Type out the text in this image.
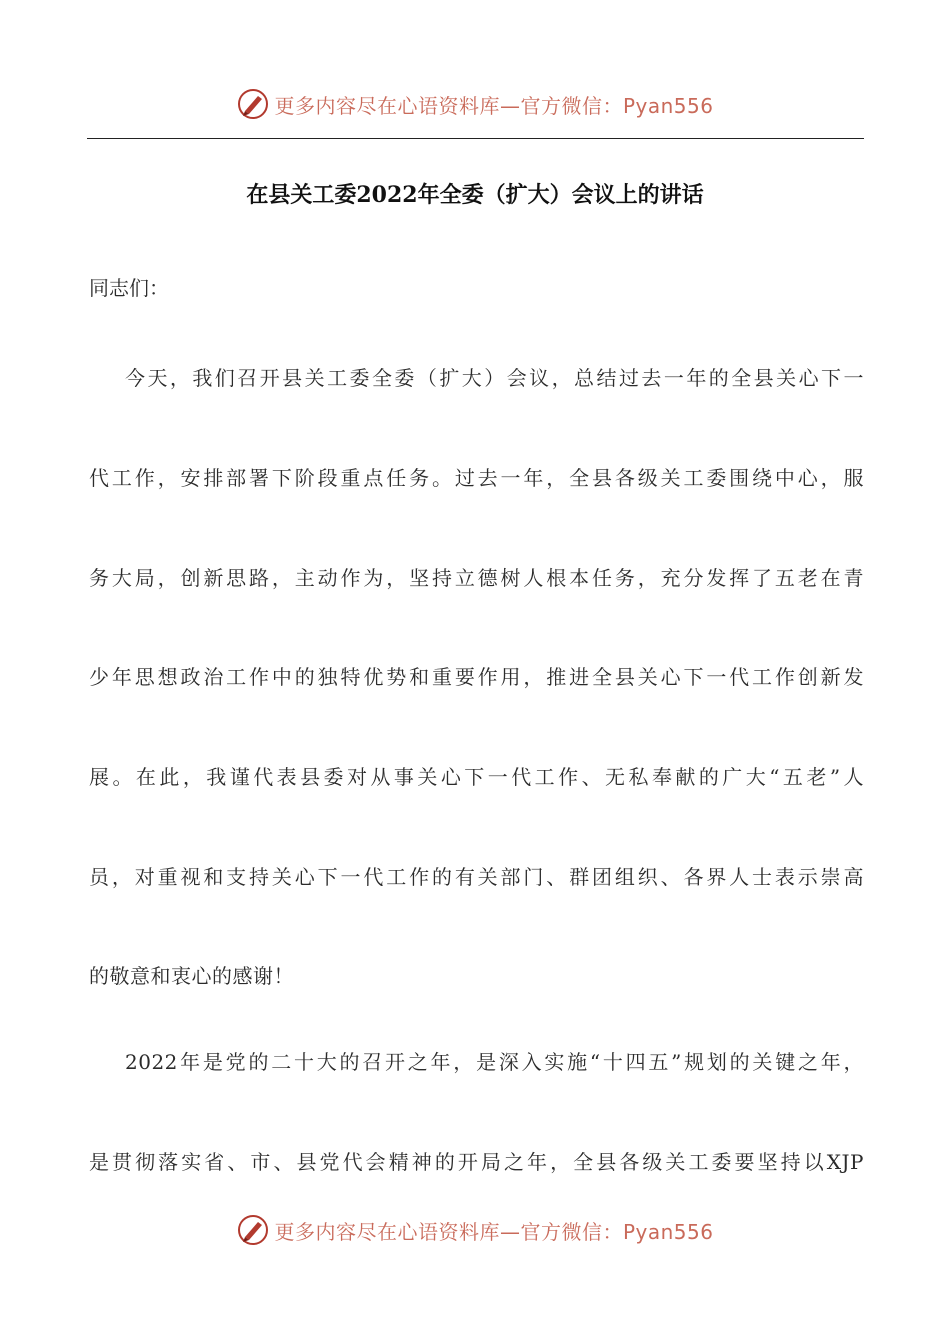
更多内容尽在心语资料库—官方微信：Pyan556
在县关工委2022年全委（扩大）会议上的讲话
同志们：
今天，我们召开县关工委全委（扩大）会议，总结过去一年的全县关心下一
代工作，安排部署下阶段重点任务。过去一年，全县各级关工委围绕中心，服
务大局，创新思路，主动作为，坚持立德树人根本任务，充分发挥了五老在青
少年思想政治工作中的独特优势和重要作用，推进全县关心下一代工作创新发
展。在此，我谨代表县委对从事关心下一代工作、无私奉献的广大“五老”人
员，对重视和支持关心下一代工作的有关部门、群团组织、各界人士表示崇高
的敬意和衷心的感谢！
2022年是党的二十大的召开之年，是深入实施“十四五”规划的关键之年，
是贯彻落实省、市、县党代会精神的开局之年，全县各级关工委要坚持以XJP
更多内容尽在心语资料库—官方微信：Pyan556
